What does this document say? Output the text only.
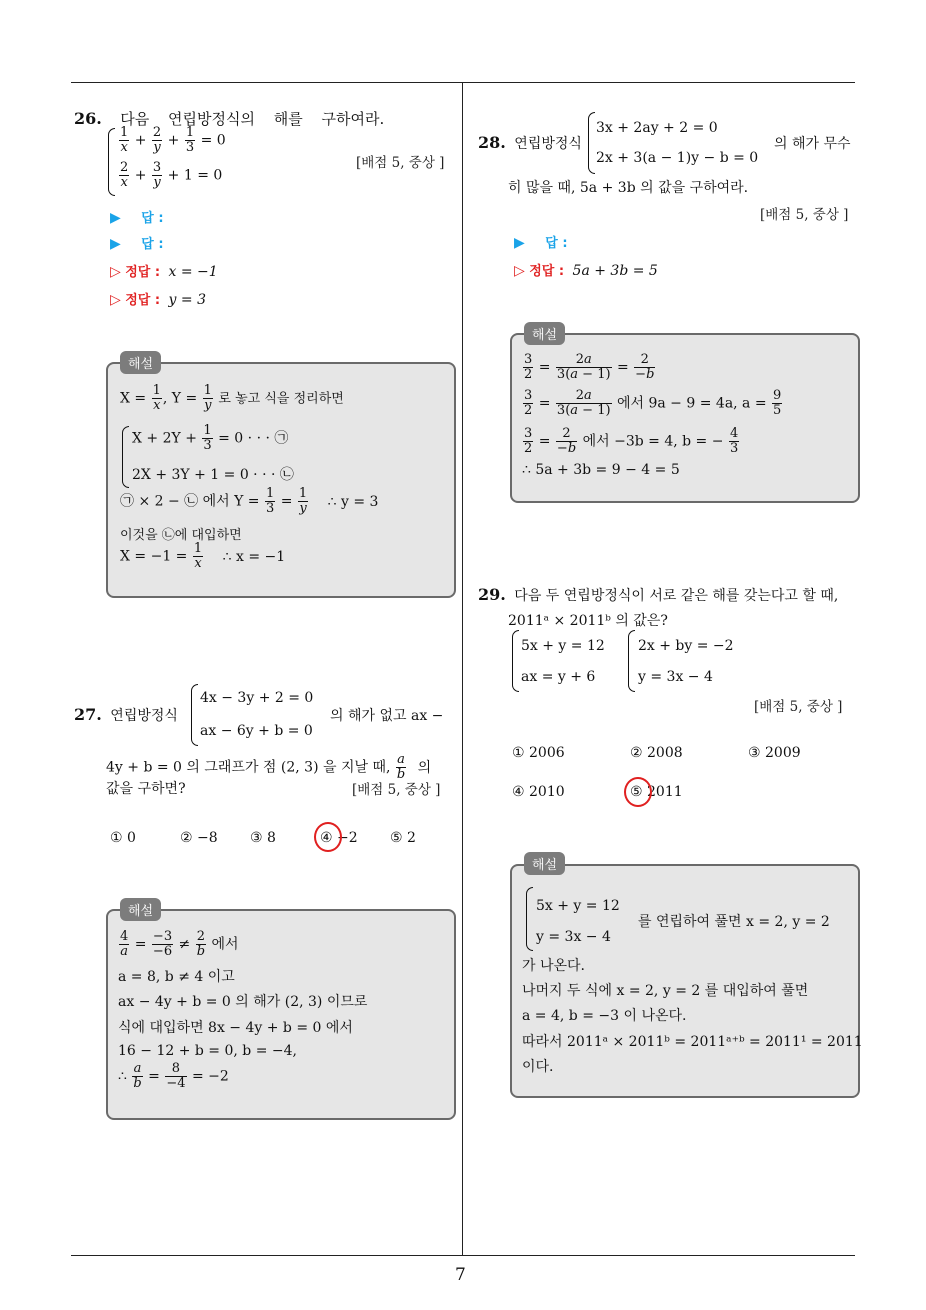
7
26. 다음 연립방정식의 해를 구하여라.
$\frac{1}{x} + \frac{2}{y} + \frac{1}{3} = 0$
$\frac{2}{x} + \frac{3}{y} + 1 = 0$
[배점 5, 중상 ]
▶ 답 :
▶ 답 :
▷ 정답 : x = −1
▷ 정답 : y = 3
해설
$X = \frac{1}{x}$ , $Y = \frac{1}{y}$ 로 놓고 식을 정리하면
$X + 2Y + \frac{1}{3} = 0$ · · · ㉠
2X + 3Y + 1 = 0 · · · ㉡
㉠ × 2 − ㉡ 에서 $Y = \frac{1}{3} = \frac{1}{y}$ ∴ y = 3
이것을 ㉡에 대입하면
$X = -1 = \frac{1}{x}$ ∴ x = −1
27. 연립방정식
4x − 3y + 2 = 0
ax − 6y + b = 0
의 해가 없고 ax −
4y + b = 0 의 그래프가 점 (2, 3) 을 지날 때, $\frac{a}{b}$ 의
값을 구하면?	[배점 5, 중상 ]
① 0	② −8 ③ 8	④ −2 ⑤ 2
해설
$\frac{4}{a} = \frac{-3}{-6} \ne \frac{2}{b}$ 에서
a = 8, b ≠ 4 이고
ax − 4y + b = 0 의 해가 (2, 3) 이므로
식에 대입하면 8x − 4y + b = 0 에서
16 − 12 + b = 0, b = −4,
∴ $\frac{a}{b} = \frac{8}{-4} = -2$
28. 연립방정식
3x + 2ay + 2 = 0
2x + 3(a − 1)y − b = 0
의 해가 무수
히 많을 때, 5a + 3b 의 값을 구하여라.
[배점 5, 중상 ]
▶ 답 :
▷ 정답 : 5a + 3b = 5
해설
$\frac{3}{2} = \frac{2a}{3(a - 1)} = \frac{2}{-b}$
$\frac{3}{2} = \frac{2a}{3(a - 1)}$ 에서 9a − 9 = 4a, $a = \frac{9}{5}$
$\frac{3}{2} = \frac{2}{-b}$ 에서 −3b = 4, b = − $\frac{4}{3}$
∴ 5a + 3b = 9 − 4 = 5
29. 다음 두 연립방정식이 서로 같은 해를 갖는다고 할 때,
2011ᵃ × 2011ᵇ 의 값은?
5x + y = 12
ax = y + 6
2x + by = −2
y = 3x − 4
[배점 5, 중상 ]
① 2006	② 2008	③ 2009
④ 2010	⑤ 2011
해설
5x + y = 12
y = 3x − 4
를 연립하여 풀면 x = 2, y = 2
가 나온다.
나머지 두 식에 x = 2, y = 2 를 대입하여 풀면
a = 4, b = −3 이 나온다.
따라서 2011ᵃ × 2011ᵇ = 2011ᵃ⁺ᵇ = 2011¹ = 2011
이다.
